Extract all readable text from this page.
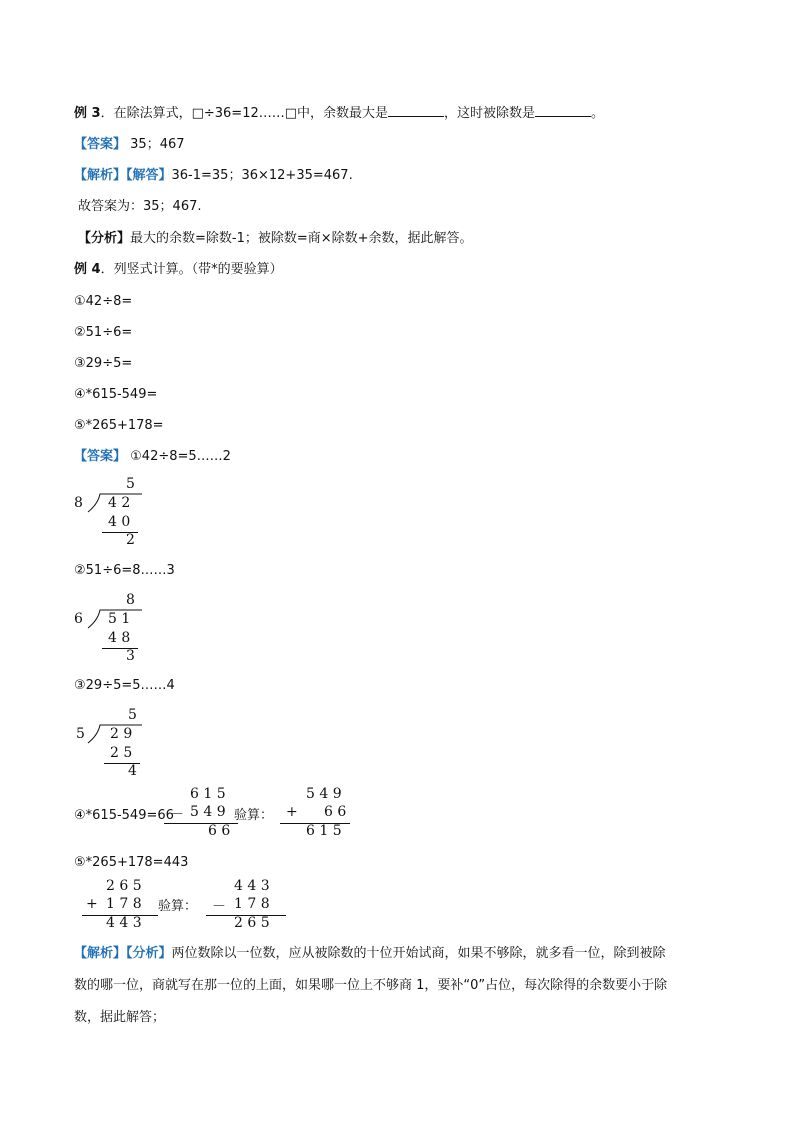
例 3．在除法算式，□÷36=12……□中，余数最大是	，这时被除数是	。
【答案】 35；467
【解析】【解答】36-1=35；36×12+35=467.
故答案为：35；467.
【分析】最大的余数=除数-1；被除数=商×除数+余数，据此解答。
例 4．列竖式计算。（带*的要验算）
①42÷8=
②51÷6=
③29÷5=
④*615-549=
⑤*265+178=
【答案】 ①42÷8=5……2
5
8 4 2
4 0
2
②51÷6=8……3
8
6 5 1
4 8
3
③29÷5=5……4
5
5 2 9
2 5
4
④*615-549=66
6 1 5
－ 5 4 9
6 6
验算：
5 4 9
+ 6 6
6 1 5
⑤*265+178=443
2 6 5
+ 1 7 8
4 4 3
验算：
4 4 3
－ 1 7 8
2 6 5
【解析】【分析】两位数除以一位数，应从被除数的十位开始试商，如果不够除，就多看一位，除到被除
数的哪一位，商就写在那一位的上面，如果哪一位上不够商 1，要补“0”占位，每次除得的余数要小于除
数，据此解答；
